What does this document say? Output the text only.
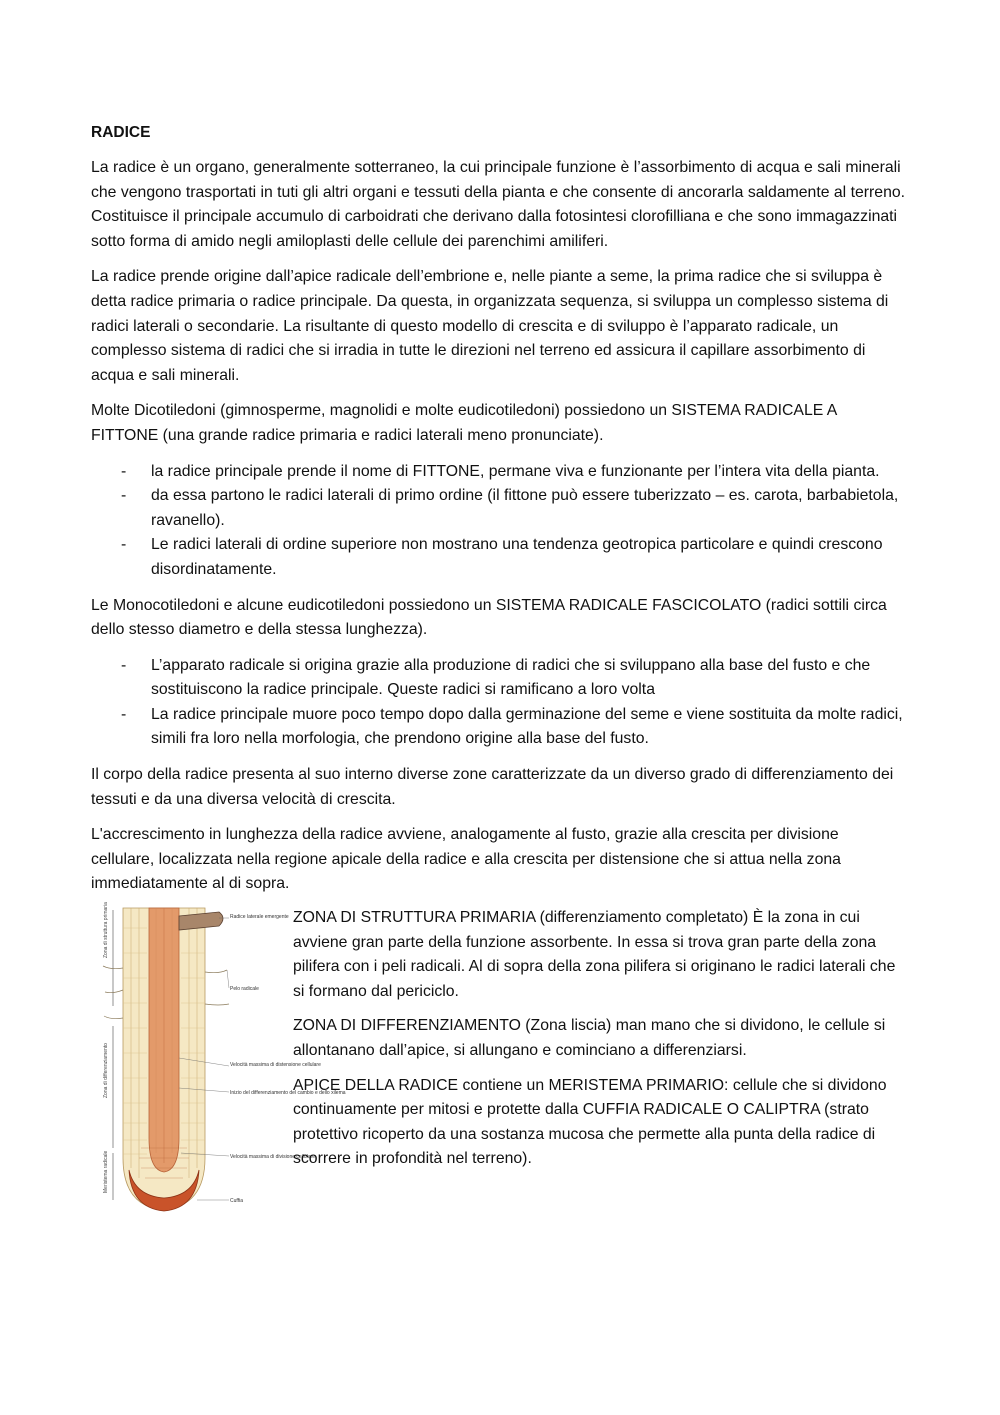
RADICE

La radice è un organo, generalmente sotterraneo, la cui principale funzione è l’assorbimento di acqua e sali minerali che vengono trasportati in tuti gli altri organi e tessuti della pianta e che consente di ancorarla saldamente al terreno. Costituisce il principale accumulo di carboidrati che derivano dalla fotosintesi clorofilliana e che sono immagazzinati sotto forma di amido negli amiloplasti delle cellule dei parenchimi amiliferi.

La radice prende origine dall’apice radicale dell’embrione e, nelle piante a seme, la prima radice che si sviluppa è detta radice primaria o radice principale. Da questa, in organizzata sequenza, si sviluppa un complesso sistema di radici laterali o secondarie. La risultante di questo modello di crescita e di sviluppo è l’apparato radicale, un complesso sistema di radici che si irradia in tutte le direzioni nel terreno ed assicura il capillare assorbimento di acqua e sali minerali.

Molte Dicotiledoni (gimnosperme, magnolidi e molte eudicotiledoni) possiedono un SISTEMA RADICALE A FITTONE (una grande radice primaria e radici laterali meno pronunciate).

- la radice principale prende il nome di FITTONE, permane viva e funzionante per l’intera vita della pianta.
- da essa partono le radici laterali di primo ordine (il fittone può essere tuberizzato – es. carota, barbabietola, ravanello).
- Le radici laterali di ordine superiore non mostrano una tendenza geotropica particolare e quindi crescono disordinatamente.

Le Monocotiledoni e alcune eudicotiledoni possiedono un SISTEMA RADICALE FASCICOLATO (radici sottili circa dello stesso diametro e della stessa lunghezza).

- L’apparato radicale si origina grazie alla produzione di radici che si sviluppano alla base del fusto e che sostituiscono la radice principale. Queste radici si ramificano a loro volta
- La radice principale muore poco tempo dopo dalla germinazione del seme e viene sostituita da molte radici, simili fra loro nella morfologia, che prendono origine alla base del fusto.

Il corpo della radice presenta al suo interno diverse zone caratterizzate da un diverso grado di differenziamento dei tessuti e da una diversa velocità di crescita.

L'accrescimento in lunghezza della radice avviene, analogamente al fusto, grazie alla crescita per divisione cellulare, localizzata nella regione apicale della radice e alla crescita per distensione che si attua nella zona immediatamente al di sopra.

Zona di struttura primaria
Zona di differenziamento
Meristema radicale
Radice laterale emergente
Pelo radicale
Velocità massima di distensione cellulare
Inizio del differenziamento del cambio e dello xilema
Velocità massima di divisione cellulare
Cuffia

ZONA DI STRUTTURA PRIMARIA (differenziamento completato) È la zona in cui avviene gran parte della funzione assorbente. In essa si trova gran parte della zona pilifera con i peli radicali. Al di sopra della zona pilifera si originano le radici laterali che si formano dal periciclo.

ZONA DI DIFFERENZIAMENTO (Zona liscia) man mano che si dividono, le cellule si allontanano dall’apice, si allungano e cominciano a differenziarsi.

APICE DELLA RADICE contiene un MERISTEMA PRIMARIO: cellule che si dividono continuamente per mitosi e protette dalla CUFFIA RADICALE O CALIPTRA (strato protettivo ricoperto da una sostanza mucosa che permette alla punta della radice di scorrere in profondità nel terreno).
